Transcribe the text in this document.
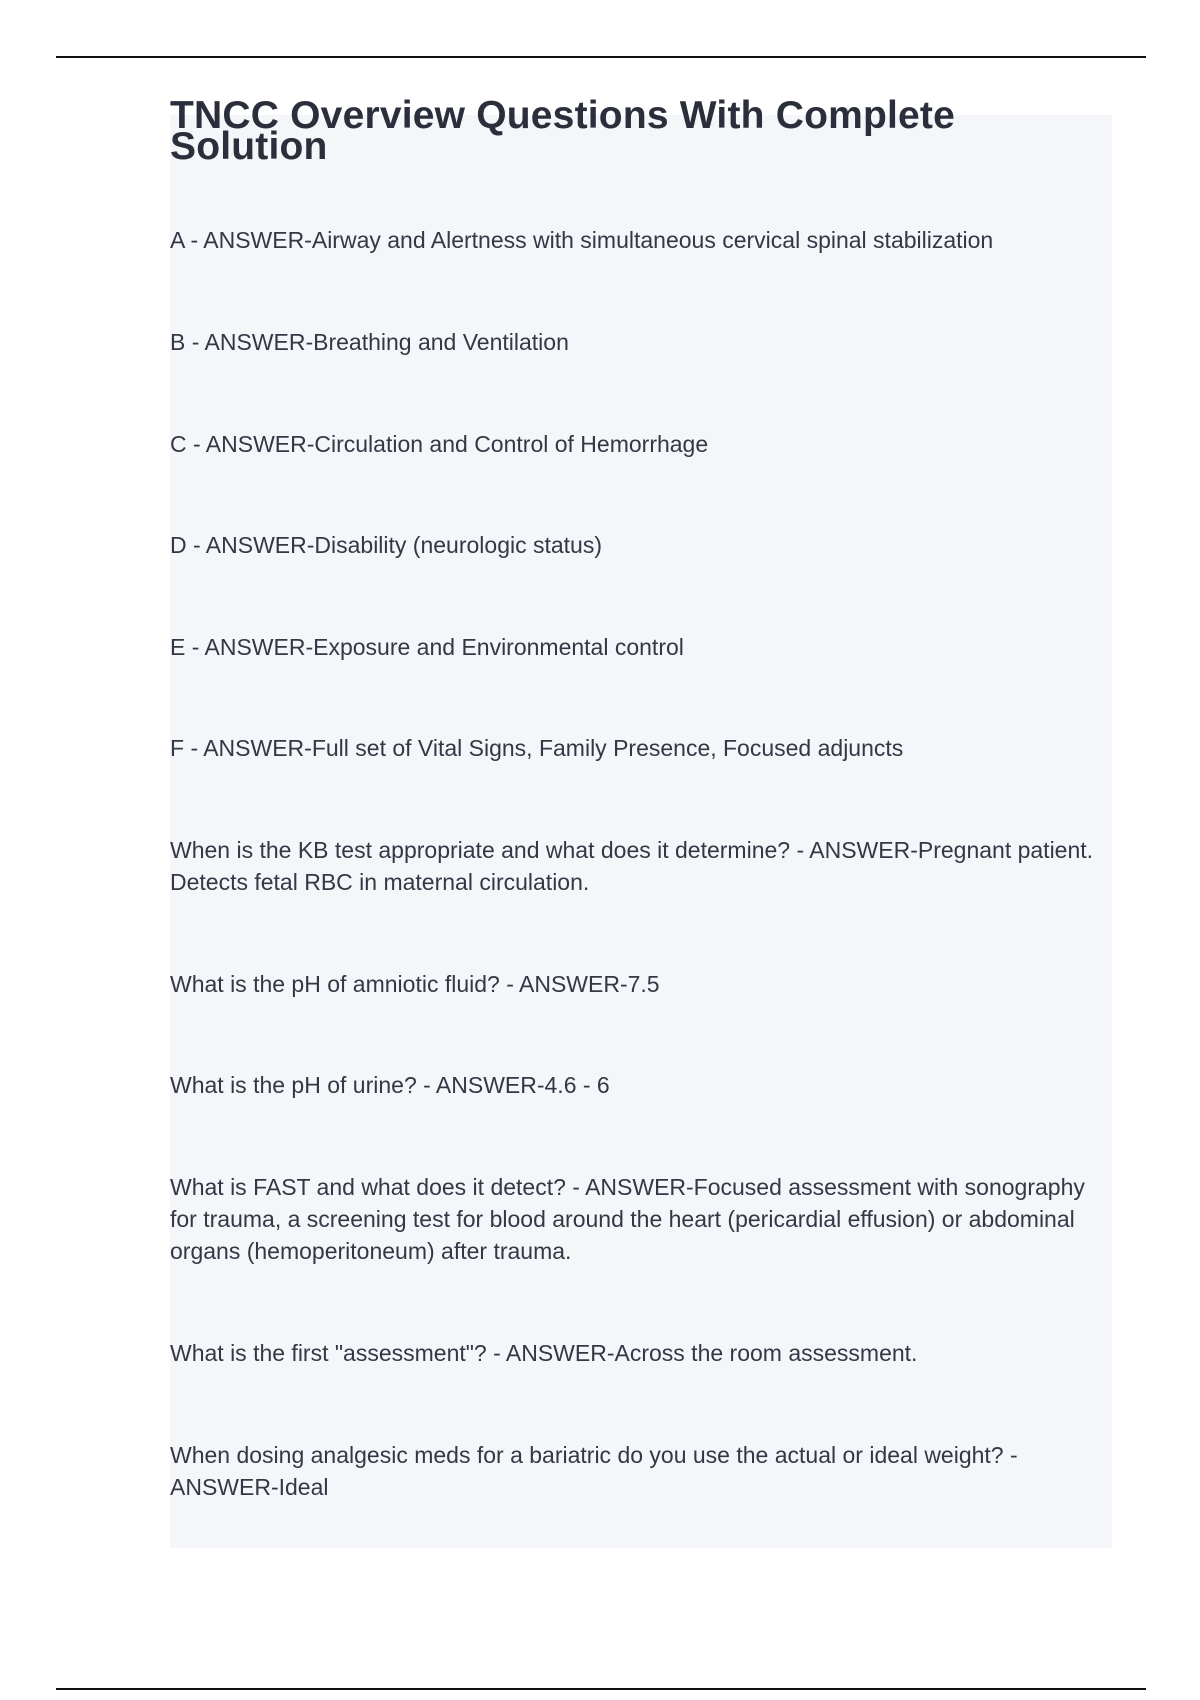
TNCC Overview Questions With Complete Solution
A - ANSWER-Airway and Alertness with simultaneous cervical spinal stabilization
B - ANSWER-Breathing and Ventilation
C - ANSWER-Circulation and Control of Hemorrhage
D - ANSWER-Disability (neurologic status)
E - ANSWER-Exposure and Environmental control
F - ANSWER-Full set of Vital Signs, Family Presence, Focused adjuncts
When is the KB test appropriate and what does it determine? - ANSWER-Pregnant patient. Detects fetal RBC in maternal circulation.
What is the pH of amniotic fluid? - ANSWER-7.5
What is the pH of urine? - ANSWER-4.6 - 6
What is FAST and what does it detect? - ANSWER-Focused assessment with sonography for trauma, a screening test for blood around the heart (pericardial effusion) or abdominal organs (hemoperitoneum) after trauma.
What is the first "assessment"? - ANSWER-Across the room assessment.
When dosing analgesic meds for a bariatric do you use the actual or ideal weight? - ANSWER-Ideal
